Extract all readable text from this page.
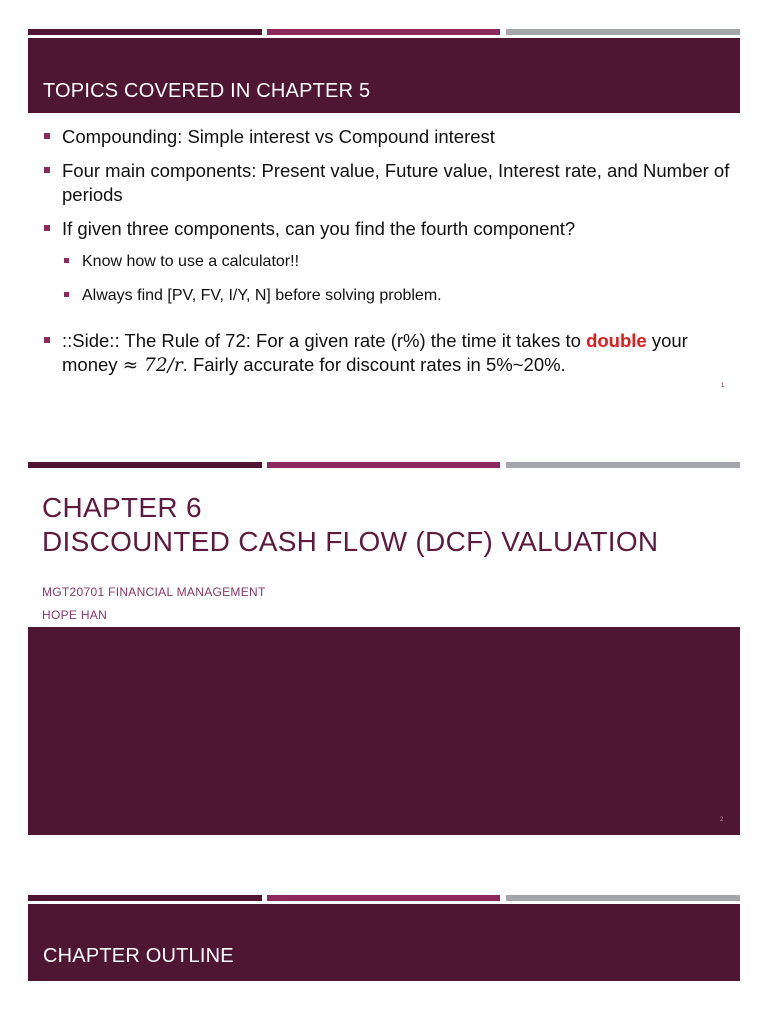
TOPICS COVERED IN CHAPTER 5
Compounding: Simple interest vs Compound interest
Four main components: Present value, Future value, Interest rate, and Number of periods
If given three components, can you find the fourth component?
Know how to use a calculator!!
Always find [PV, FV, I/Y, N] before solving problem.
::Side:: The Rule of 72: For a given rate (r%) the time it takes to double your money ≈ 72/r. Fairly accurate for discount rates in 5%~20%.
1
CHAPTER 6
DISCOUNTED CASH FLOW (DCF) VALUATION
MGT20701 FINANCIAL MANAGEMENT
HOPE HAN
2
CHAPTER OUTLINE
